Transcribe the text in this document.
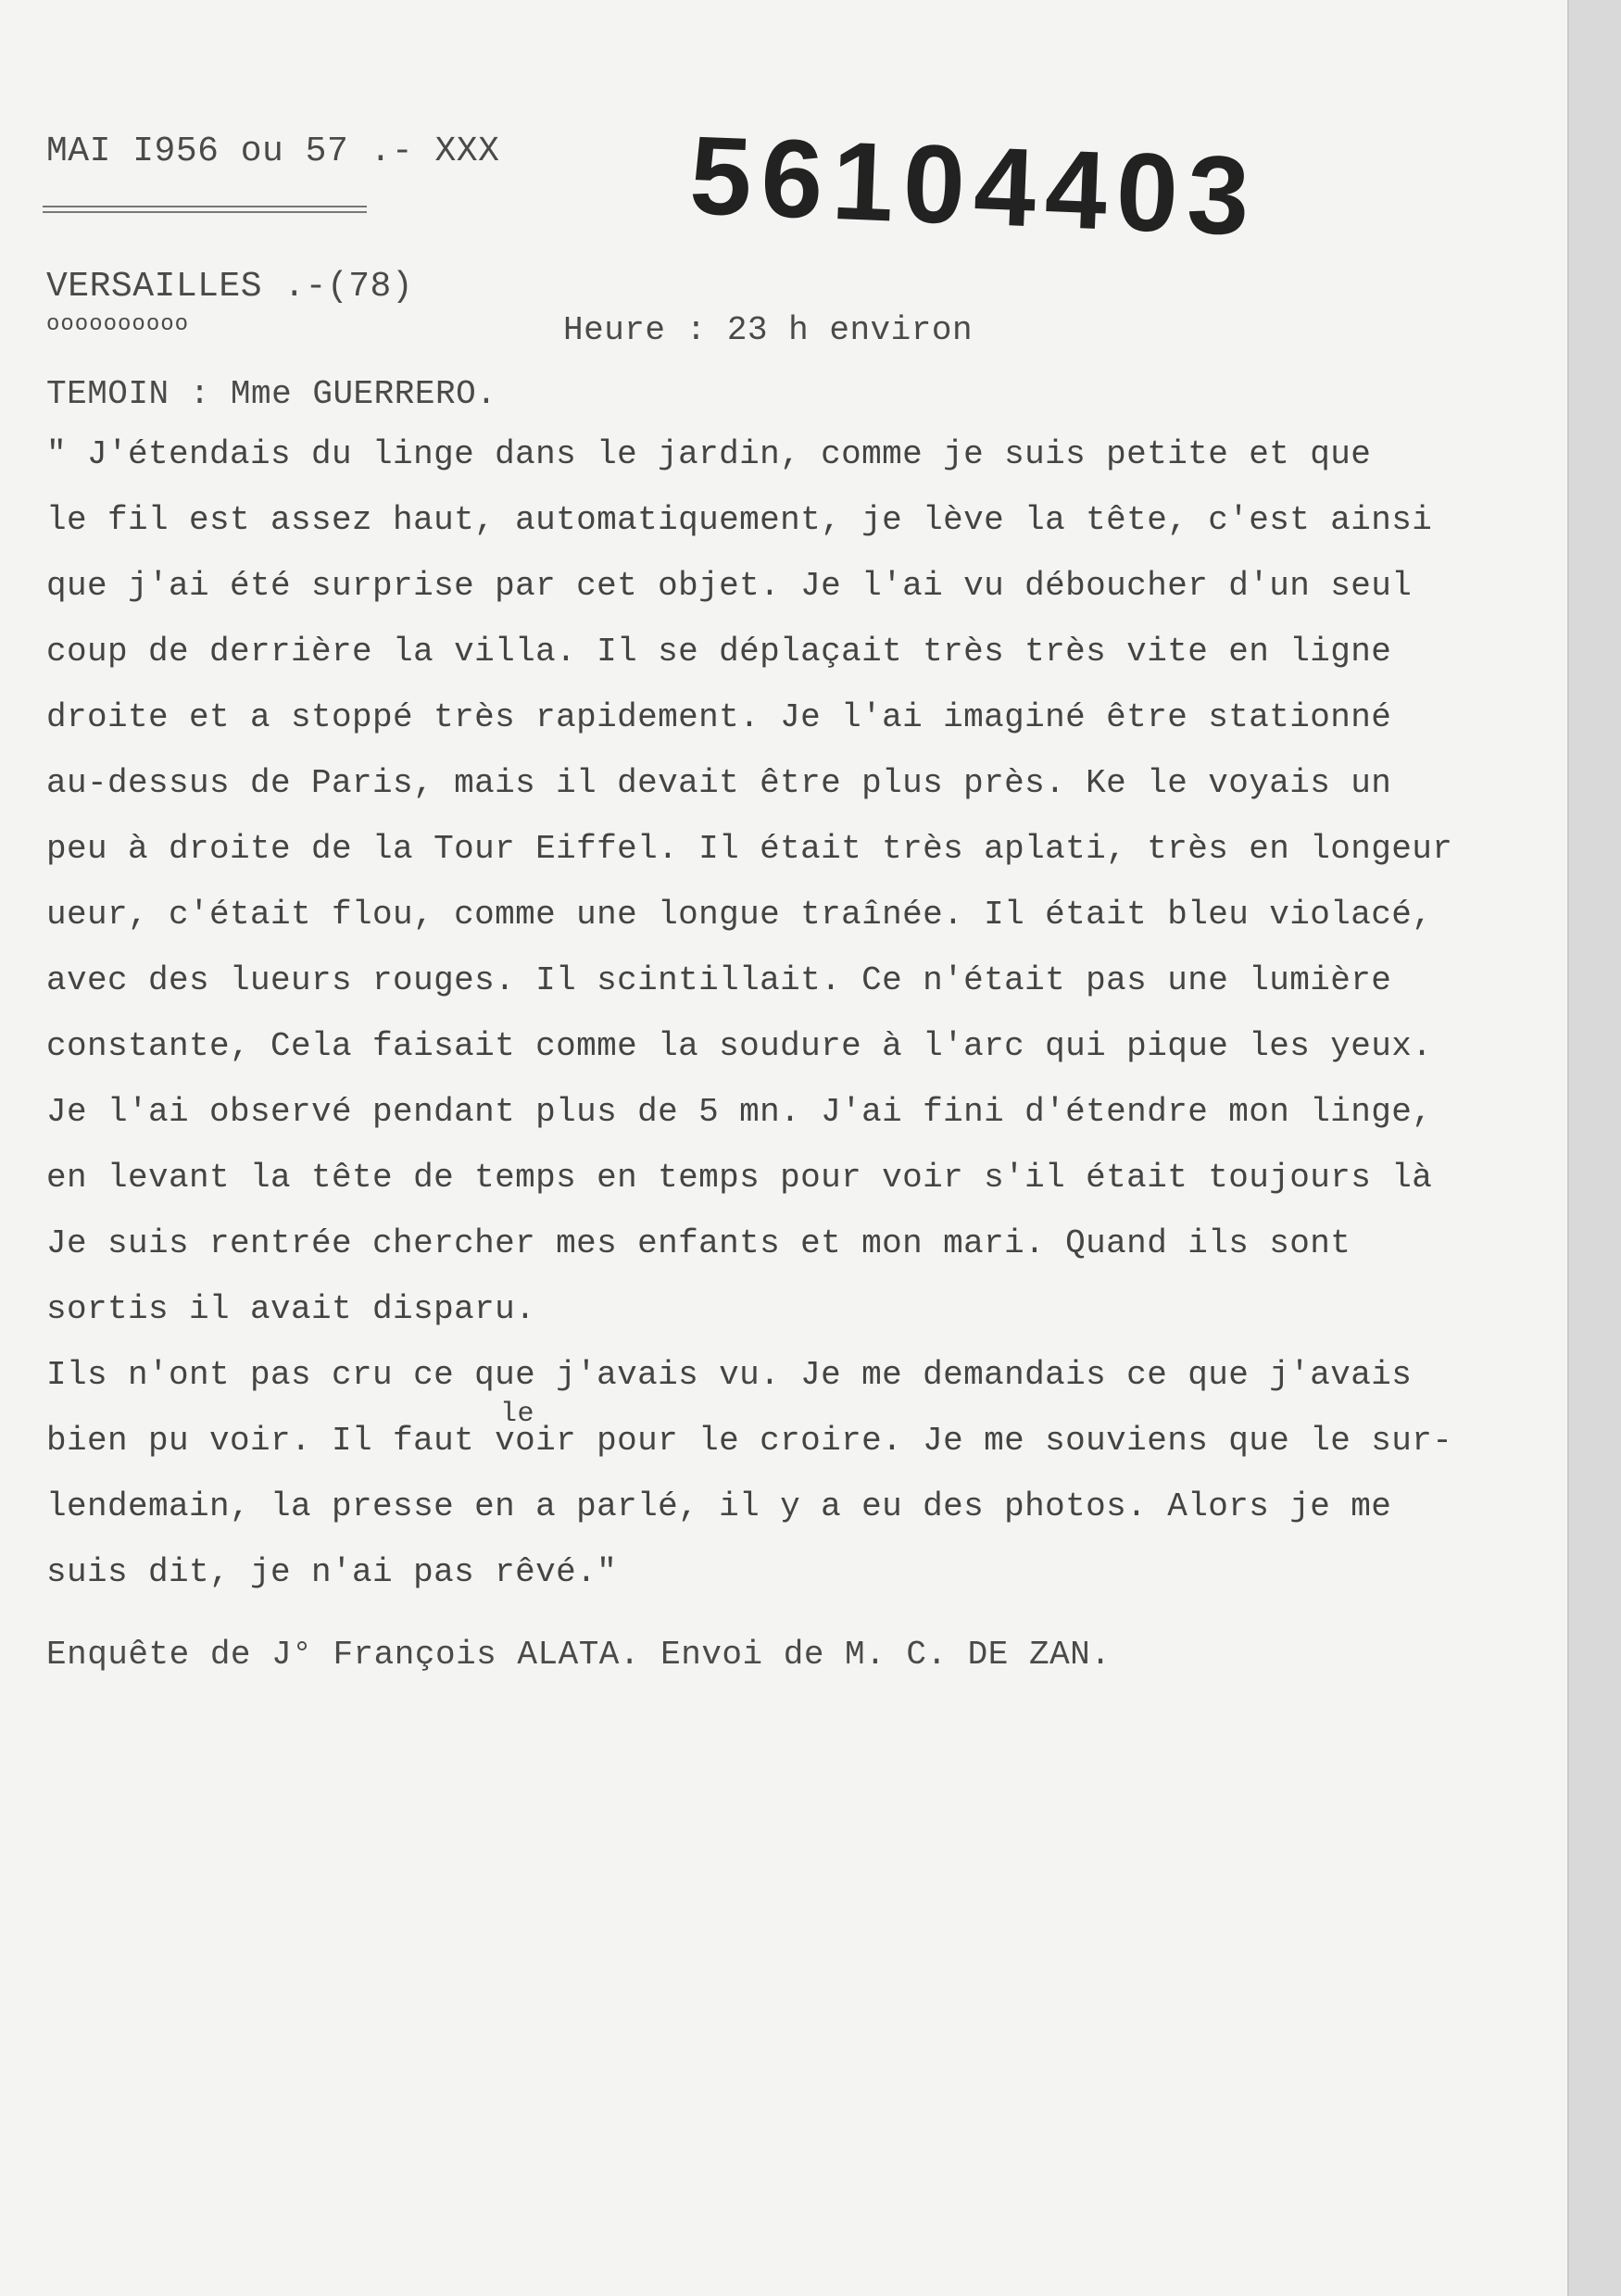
MAI I956 ou 57 .- XXX 56104403
VERSAILLES .-(78)
oooooooooo	Heure : 23 h environ
TEMOIN : Mme GUERRERO.
" J'étendais du linge dans le jardin, comme je suis petite et que
le fil est assez haut, automatiquement, je lève la tête, c'est ainsi
que j'ai été surprise par cet objet. Je l'ai vu déboucher d'un seul
coup de derrière la villa. Il se déplaçait très très vite en ligne
droite et a stoppé très rapidement. Je l'ai imaginé être stationné
au-dessus de Paris, mais il devait être plus près. Ke le voyais un
peu à droite de la Tour Eiffel. Il était très aplati, très en longeur
ueur, c'était flou, comme une longue traînée. Il était bleu violacé,
avec des lueurs rouges. Il scintillait. Ce n'était pas une lumière
constante, Cela faisait comme la soudure à l'arc qui pique les yeux.
Je l'ai observé pendant plus de 5 mn. J'ai fini d'étendre mon linge,
en levant la tête de temps en temps pour voir s'il était toujours là
Je suis rentrée chercher mes enfants et mon mari. Quand ils sont
sortis il avait disparu.
Ils n'ont pas cru ce que j'avais vu. Je me demandais ce que j'avais
bien pu voir. Il faut voir pour le croire. Je me souviens que le sur-
lendemain, la presse en a parlé, il y a eu des photos. Alors je me
suis dit, je n'ai pas rêvé."
le
Enquête de J° François ALATA. Envoi de M. C. DE ZAN.
